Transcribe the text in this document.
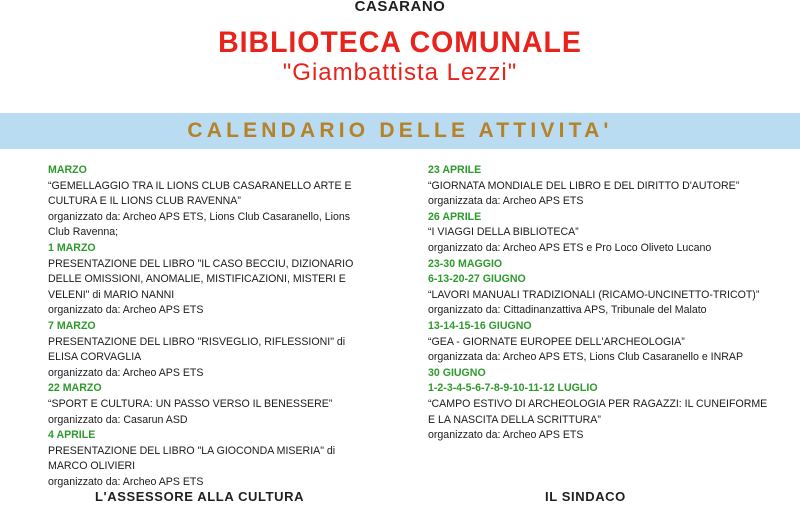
CASARANO
BIBLIOTECA COMUNALE
"Giambattista Lezzi"
CALENDARIO DELLE ATTIVITA'

MARZO

“GEMELLAGGIO TRA IL LIONS CLUB CASARANELLO ARTE E CULTURA E IL LIONS CLUB RAVENNA”

organizzato da: Archeo APS ETS, Lions Club Casaranello, Lions Club Ravenna;

1 MARZO

PRESENTAZIONE DEL LIBRO "IL CASO BECCIU, DIZIONARIO DELLE OMISSIONI, ANOMALIE, MISTIFICAZIONI, MISTERI E VELENI" di MARIO NANNI

organizzato da: Archeo APS ETS

7 MARZO

PRESENTAZIONE DEL LIBRO "RISVEGLIO, RIFLESSIONI" di ELISA CORVAGLIA

organizzato da: Archeo APS ETS

22 MARZO

“SPORT E CULTURA: UN PASSO VERSO IL BENESSERE”

organizzato da: Casarun ASD

4 APRILE

PRESENTAZIONE DEL LIBRO "LA GIOCONDA MISERIA" di MARCO OLIVIERI

organizzato da: Archeo APS ETS

23 APRILE

“GIORNATA MONDIALE DEL LIBRO E DEL DIRITTO D'AUTORE”

organizzata da: Archeo APS ETS

26 APRILE

“I VIAGGI DELLA BIBLIOTECA”

organizzato da: Archeo APS ETS e Pro Loco Oliveto Lucano

23-30 MAGGIO

6-13-20-27 GIUGNO

“LAVORI MANUALI TRADIZIONALI (RICAMO-UNCINETTO-TRICOT)”

organizzato da: Cittadinanzattiva APS, Tribunale del Malato

13-14-15-16 GIUGNO

“GEA - GIORNATE EUROPEE DELL'ARCHEOLOGIA”

organizzata da: Archeo APS ETS, Lions Club Casaranello e INRAP

30 GIUGNO

1-2-3-4-5-6-7-8-9-10-11-12 LUGLIO

“CAMPO ESTIVO DI ARCHEOLOGIA PER RAGAZZI: IL CUNEIFORME E LA NASCITA DELLA SCRITTURA”

organizzato da: Archeo APS ETS

L'ASSESSORE ALLA CULTURA	IL SINDACO
